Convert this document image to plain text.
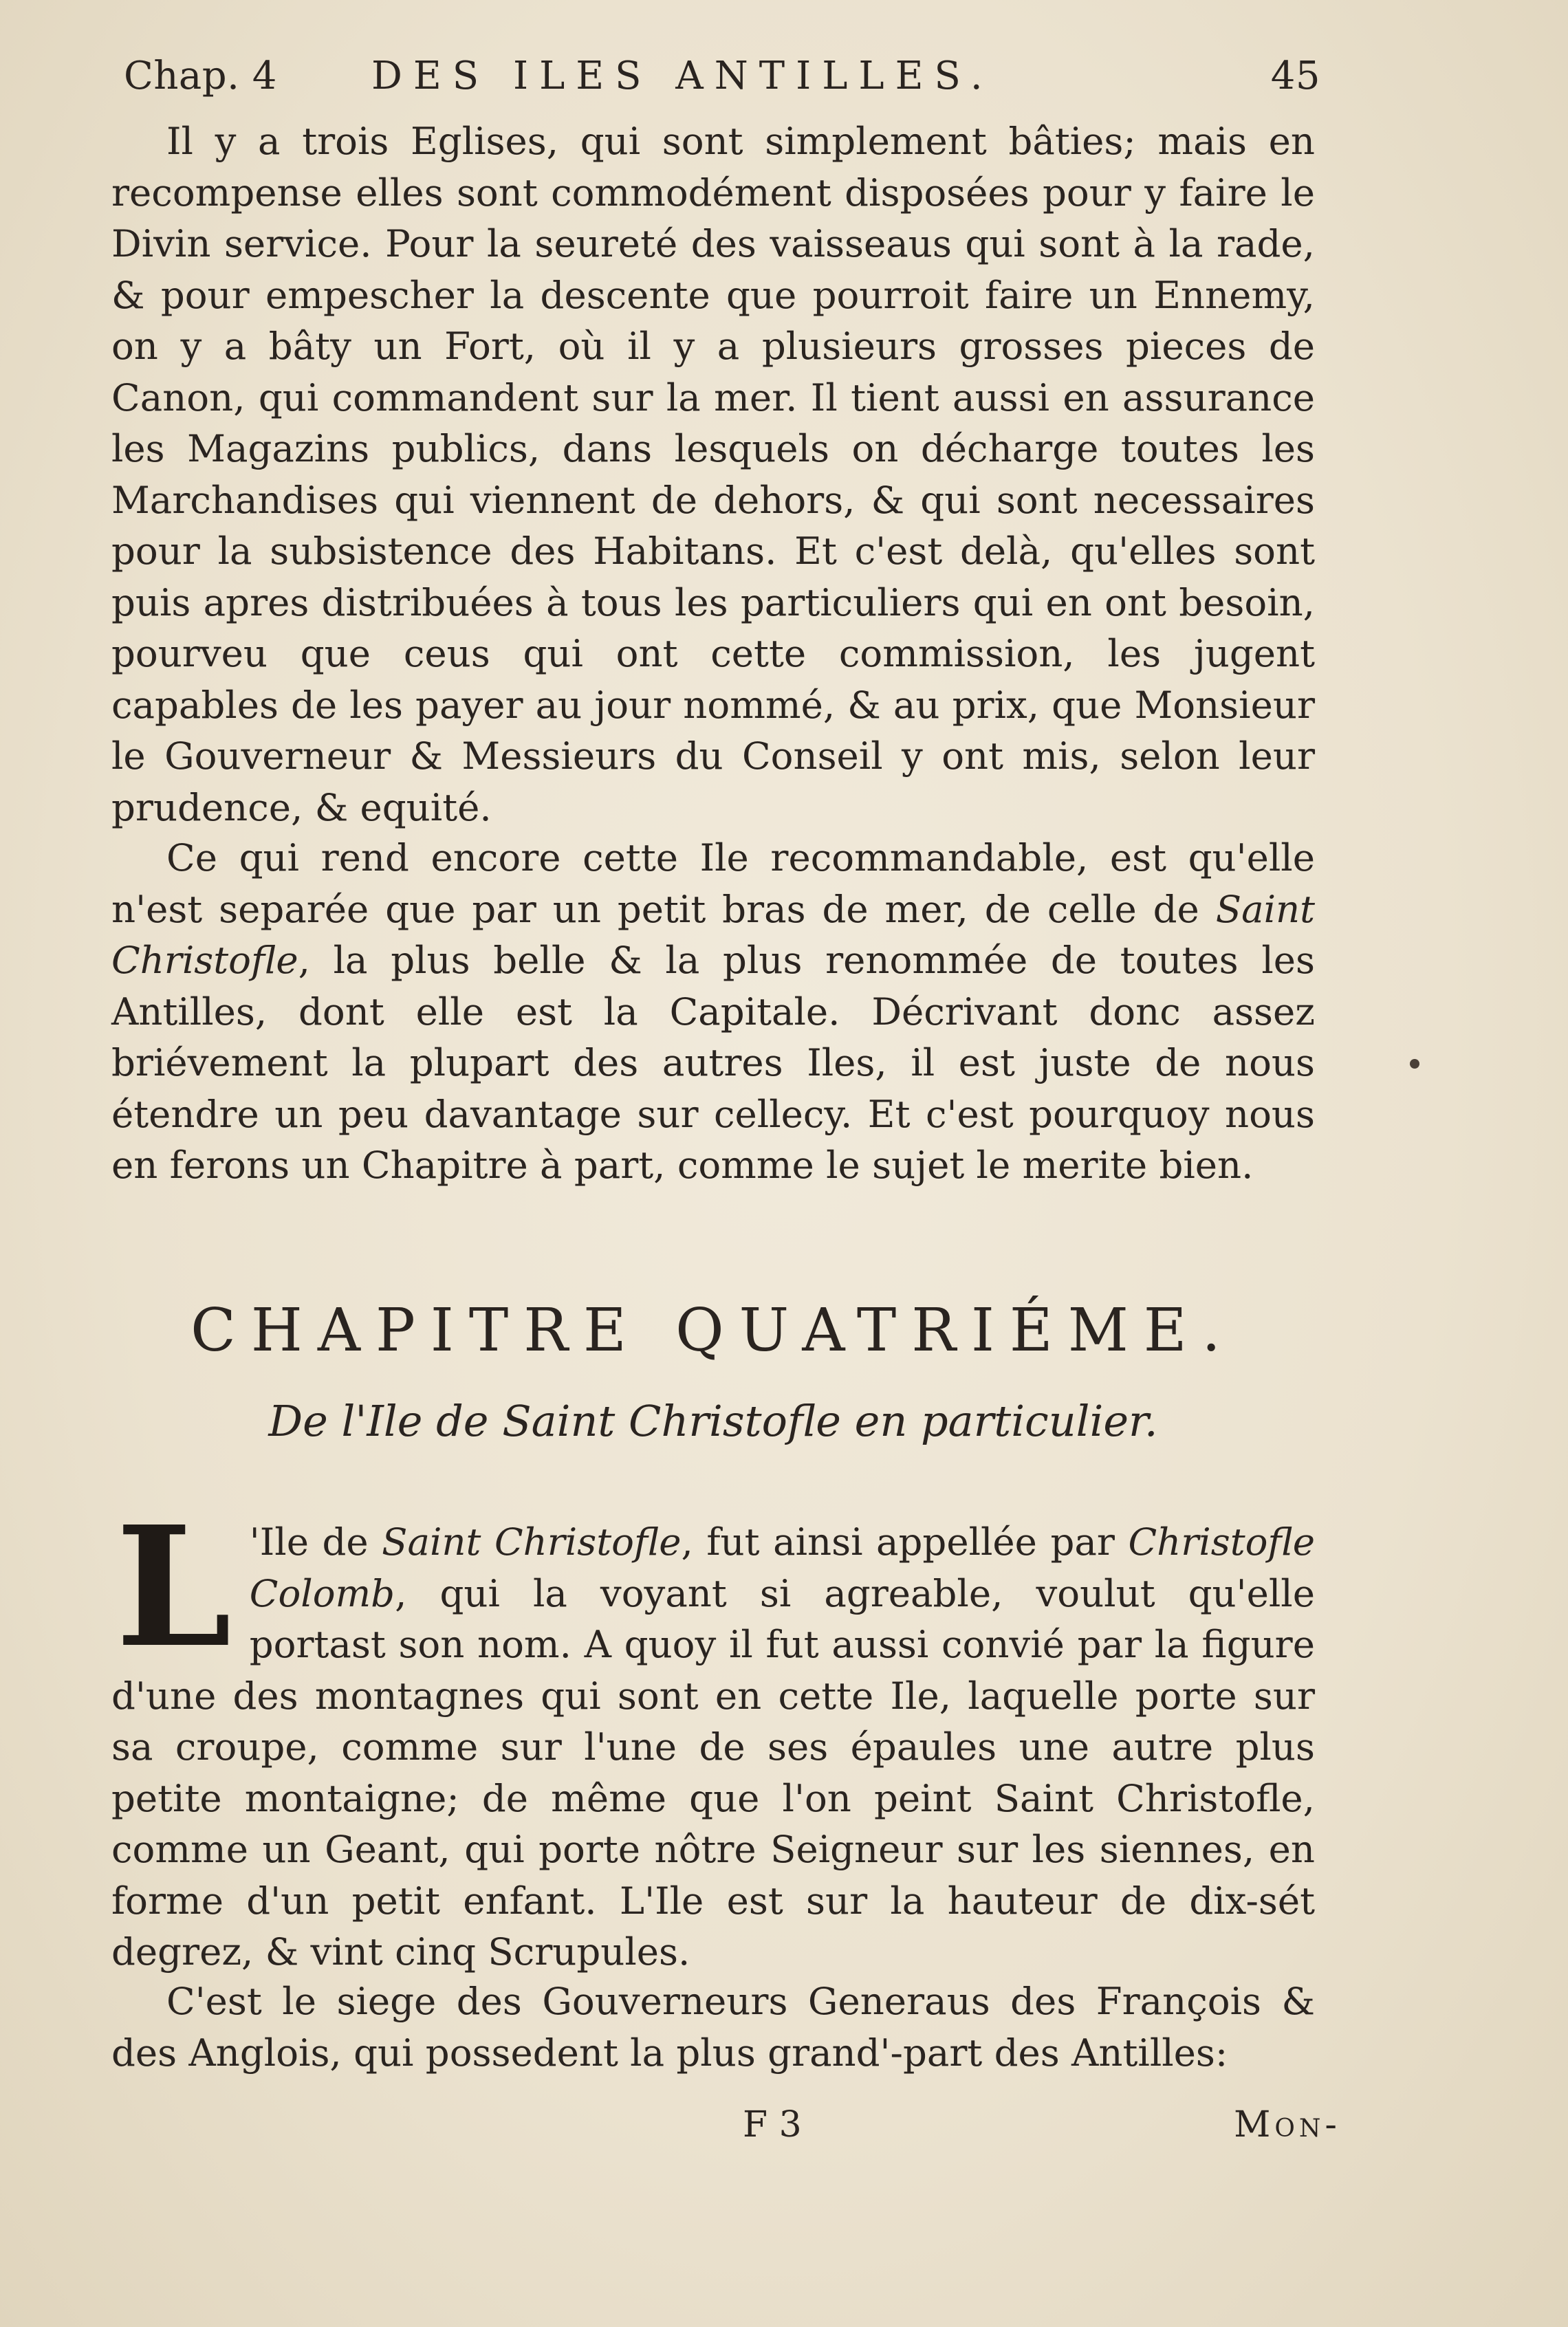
Chap. 4 DES ILES ANTILLES.	45

Il y a trois Eglises, qui sont simplement bâties; mais en recompense elles sont commodément disposées pour y faire le Divin service. Pour la seureté des vaisseaus qui sont à la rade, & pour empescher la descente que pourroit faire un Ennemy, on y a bâty un Fort, où il y a plusieurs grosses pieces de Canon, qui commandent sur la mer. Il tient aussi en assurance les Magazins publics, dans lesquels on décharge toutes les Marchandises qui viennent de dehors, & qui sont necessaires pour la subsistence des Habitans. Et c'est delà, qu'elles sont puis apres distribuées à tous les particuliers qui en ont besoin, pourveu que ceus qui ont cette commission, les jugent capables de les payer au jour nommé, & au prix, que Monsieur le Gouverneur & Messieurs du Conseil y ont mis, selon leur prudence, & equité.

Ce qui rend encore cette Ile recommandable, est qu'elle n'est separée que par un petit bras de mer, de celle de Saint Christofle, la plus belle & la plus renommée de toutes les Antilles, dont elle est la Capitale. Décrivant donc assez briévement la plupart des autres Iles, il est juste de nous étendre un peu davantage sur cellecy. Et c'est pourquoy nous en ferons un Chapitre à part, comme le sujet le merite bien.

CHAPITRE QUATRIÉME.
De l'Ile de Saint Christofle en particulier.

L 'Ile de Saint Christofle, fut ainsi appellée par Christofle Colomb, qui la voyant si agreable, voulut qu'elle portast son nom. A quoy il fut aussi convié par la figure d'une des montagnes qui sont en cette Ile, laquelle porte sur sa croupe, comme sur l'une de ses épaules une autre plus petite montaigne; de même que l'on peint Saint Christofle, comme un Geant, qui porte nôtre Seigneur sur les siennes, en forme d'un petit enfant. L'Ile est sur la hauteur de dix-sét degrez, & vint cinq Scrupules.

C'est le siege des Gouverneurs Generaus des François & des Anglois, qui possedent la plus grand'-part des Antilles:

F 3	Mon-
